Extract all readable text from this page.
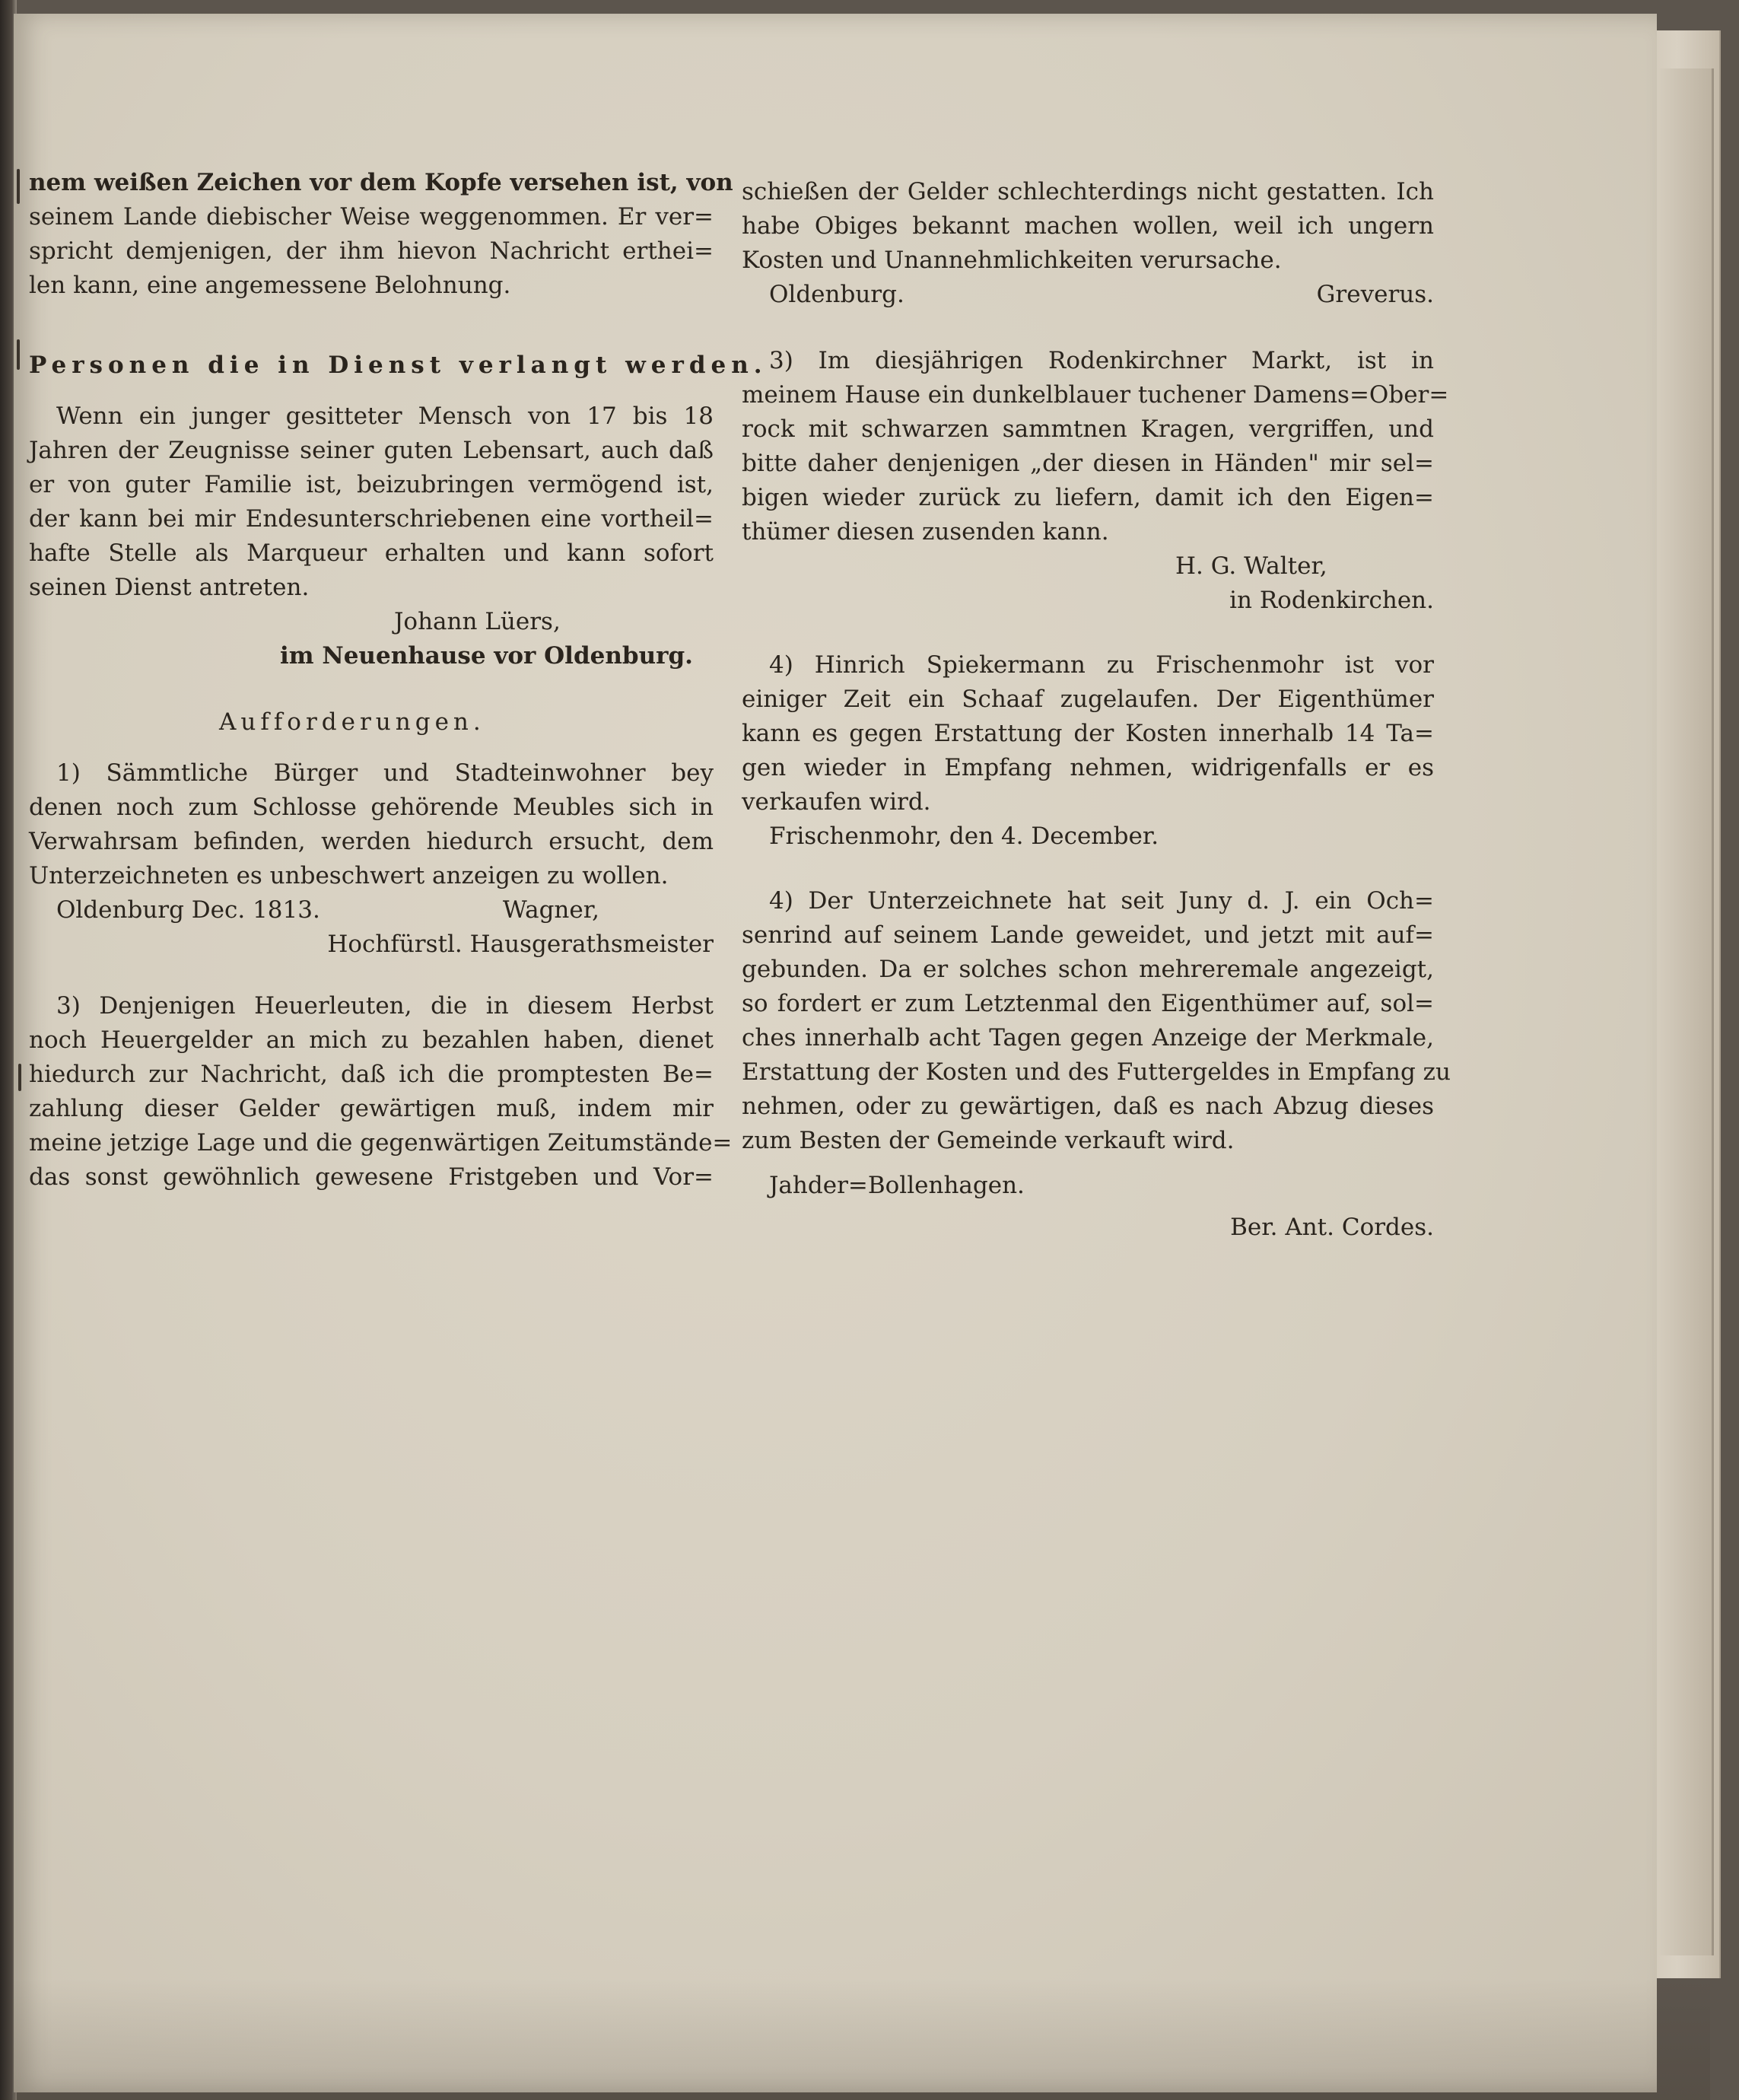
nem weißen Zeichen vor dem Kopfe versehen ist, von
seinem Lande diebischer Weise weggenommen. Er ver=
spricht demjenigen, der ihm hievon Nachricht erthei=
len kann, eine angemessene Belohnung.
Personen die in Dienst verlangt werden.
Wenn ein junger gesitteter Mensch von 17 bis 18
Jahren der Zeugnisse seiner guten Lebensart, auch daß
er von guter Familie ist, beizubringen vermögend ist,
der kann bei mir Endesunterschriebenen eine vortheil=
hafte Stelle als Marqueur erhalten und kann sofort
seinen Dienst antreten.
Johann Lüers,
im Neuenhause vor Oldenburg.
Aufforderungen.
1) Sämmtliche Bürger und Stadteinwohner bey
denen noch zum Schlosse gehörende Meubles sich in
Verwahrsam befinden, werden hiedurch ersucht, dem
Unterzeichneten es unbeschwert anzeigen zu wollen.
Oldenburg Dec. 1813.	Wagner,
Hochfürstl. Hausgerathsmeister
3) Denjenigen Heuerleuten, die in diesem Herbst
noch Heuergelder an mich zu bezahlen haben, dienet
hiedurch zur Nachricht, daß ich die promptesten Be=
zahlung dieser Gelder gewärtigen muß, indem mir
meine jetzige Lage und die gegenwärtigen Zeitumstände=
das sonst gewöhnlich gewesene Fristgeben und Vor=
schießen der Gelder schlechterdings nicht gestatten. Ich
habe Obiges bekannt machen wollen, weil ich ungern
Kosten und Unannehmlichkeiten verursache.
Oldenburg.	Greverus.
3) Im diesjährigen Rodenkirchner Markt, ist in
meinem Hause ein dunkelblauer tuchener Damens=Ober=
rock mit schwarzen sammtnen Kragen, vergriffen, und
bitte daher denjenigen „der diesen in Händen" mir sel=
bigen wieder zurück zu liefern, damit ich den Eigen=
thümer diesen zusenden kann.
H. G. Walter,
in Rodenkirchen.
4) Hinrich Spiekermann zu Frischenmohr ist vor
einiger Zeit ein Schaaf zugelaufen. Der Eigenthümer
kann es gegen Erstattung der Kosten innerhalb 14 Ta=
gen wieder in Empfang nehmen, widrigenfalls er es
verkaufen wird.
Frischenmohr, den 4. December.
4) Der Unterzeichnete hat seit Juny d. J. ein Och=
senrind auf seinem Lande geweidet, und jetzt mit auf=
gebunden. Da er solches schon mehreremale angezeigt,
so fordert er zum Letztenmal den Eigenthümer auf, sol=
ches innerhalb acht Tagen gegen Anzeige der Merkmale,
Erstattung der Kosten und des Futtergeldes in Empfang zu
nehmen, oder zu gewärtigen, daß es nach Abzug dieses
zum Besten der Gemeinde verkauft wird.
Jahder=Bollenhagen.
Ber. Ant. Cordes.
